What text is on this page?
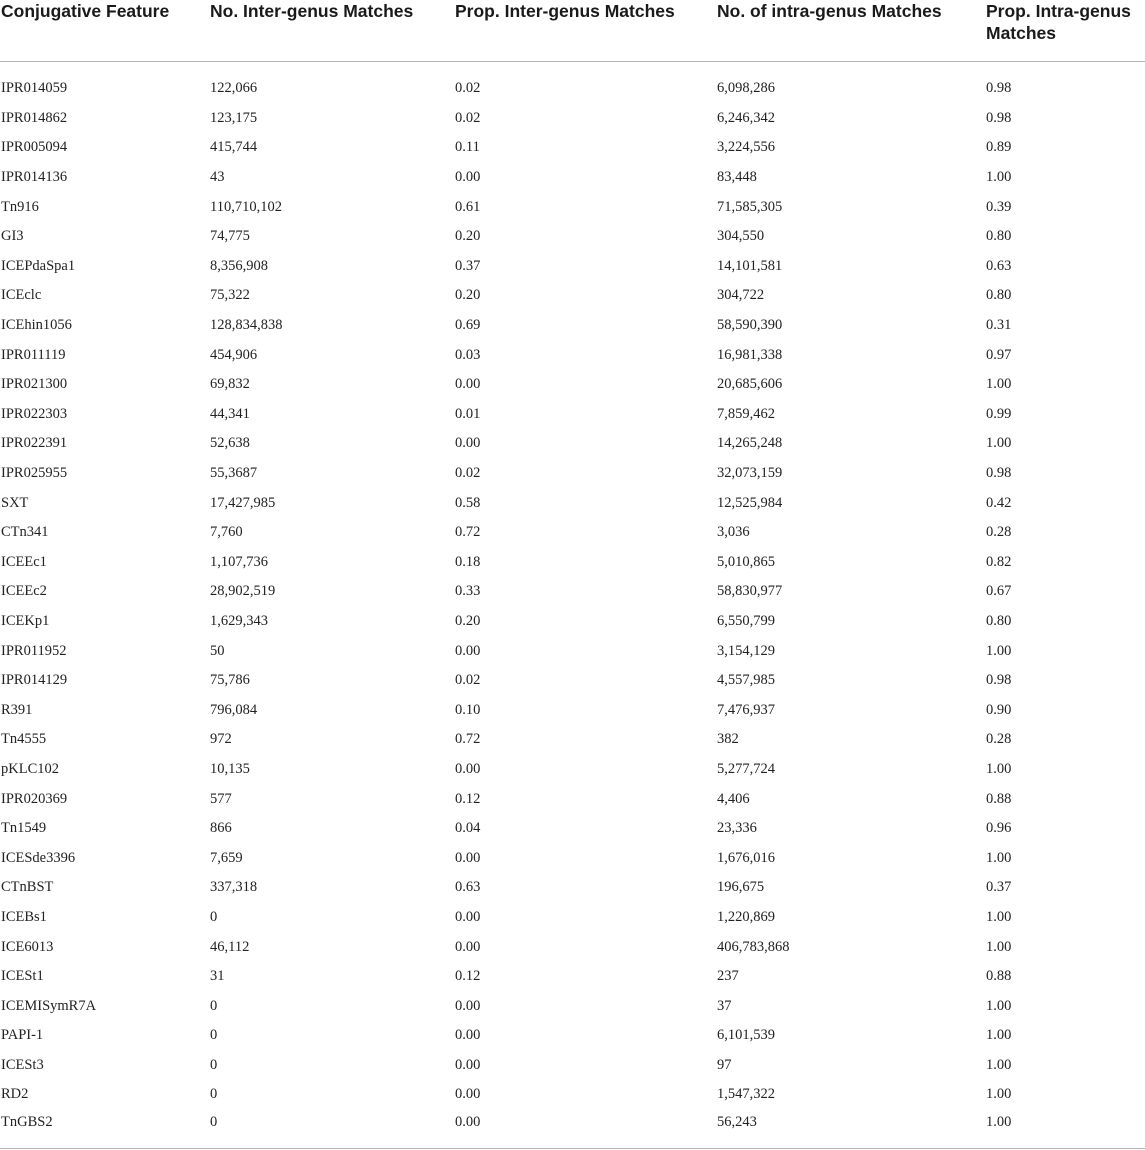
Conjugative Feature	No. Inter-genus Matches	Prop. Inter-genus Matches	No. of intra-genus Matches	Prop. Intra-genus Matches
IPR014059	122,066	0.02	6,098,286	0.98
IPR014862	123,175	0.02	6,246,342	0.98
IPR005094	415,744	0.11	3,224,556	0.89
IPR014136	43	0.00	83,448	1.00
Tn916	110,710,102	0.61	71,585,305	0.39
GI3	74,775	0.20	304,550	0.80
ICEPdaSpa1	8,356,908	0.37	14,101,581	0.63
ICEclc	75,322	0.20	304,722	0.80
ICEhin1056	128,834,838	0.69	58,590,390	0.31
IPR011119	454,906	0.03	16,981,338	0.97
IPR021300	69,832	0.00	20,685,606	1.00
IPR022303	44,341	0.01	7,859,462	0.99
IPR022391	52,638	0.00	14,265,248	1.00
IPR025955	55,3687	0.02	32,073,159	0.98
SXT	17,427,985	0.58	12,525,984	0.42
CTn341	7,760	0.72	3,036	0.28
ICEEc1	1,107,736	0.18	5,010,865	0.82
ICEEc2	28,902,519	0.33	58,830,977	0.67
ICEKp1	1,629,343	0.20	6,550,799	0.80
IPR011952	50	0.00	3,154,129	1.00
IPR014129	75,786	0.02	4,557,985	0.98
R391	796,084	0.10	7,476,937	0.90
Tn4555	972	0.72	382	0.28
pKLC102	10,135	0.00	5,277,724	1.00
IPR020369	577	0.12	4,406	0.88
Tn1549	866	0.04	23,336	0.96
ICESde3396	7,659	0.00	1,676,016	1.00
CTnBST	337,318	0.63	196,675	0.37
ICEBs1	0	0.00	1,220,869	1.00
ICE6013	46,112	0.00	406,783,868	1.00
ICESt1	31	0.12	237	0.88
ICEMISymR7A	0	0.00	37	1.00
PAPI-1	0	0.00	6,101,539	1.00
ICESt3	0	0.00	97	1.00
RD2	0	0.00	1,547,322	1.00
TnGBS2	0	0.00	56,243	1.00
